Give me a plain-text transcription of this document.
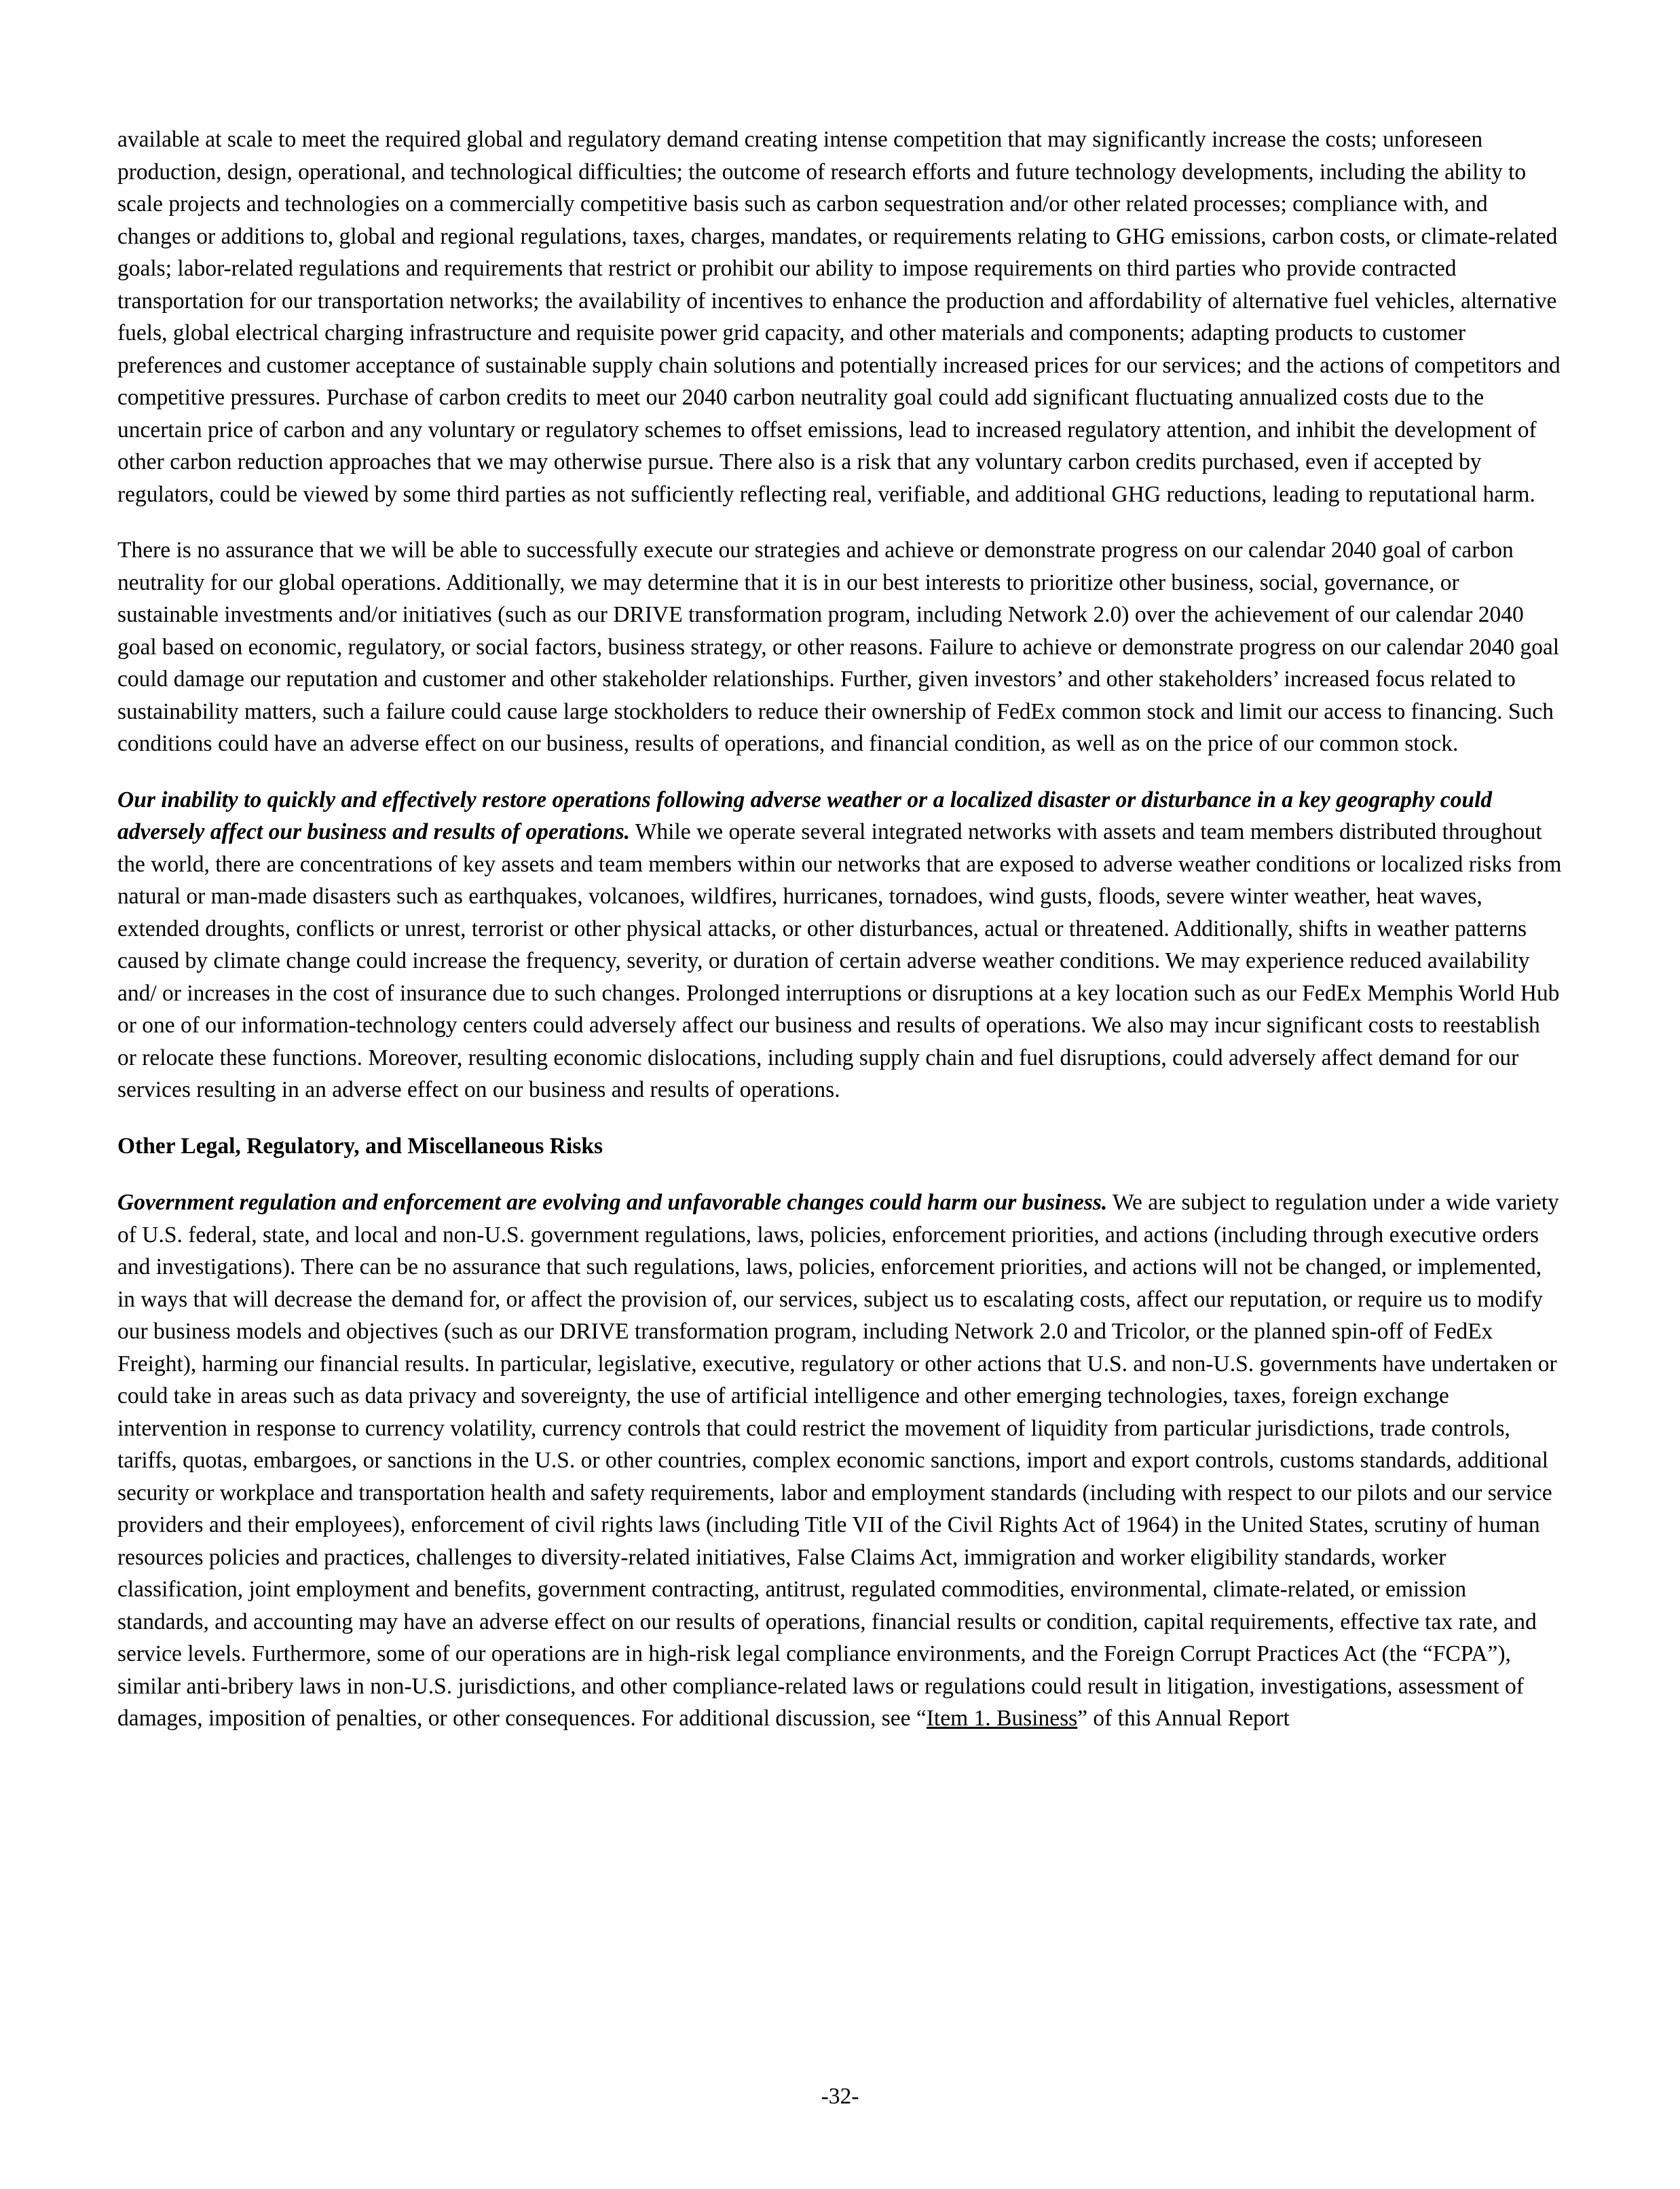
available at scale to meet the required global and regulatory demand creating intense competition that may significantly increase the costs; unforeseen production, design, operational, and technological difficulties; the outcome of research efforts and future technology developments, including the ability to scale projects and technologies on a commercially competitive basis such as carbon sequestration and/or other related processes; compliance with, and changes or additions to, global and regional regulations, taxes, charges, mandates, or requirements relating to GHG emissions, carbon costs, or climate-related goals; labor-related regulations and requirements that restrict or prohibit our ability to impose requirements on third parties who provide contracted transportation for our transportation networks; the availability of incentives to enhance the production and affordability of alternative fuel vehicles, alternative fuels, global electrical charging infrastructure and requisite power grid capacity, and other materials and components; adapting products to customer preferences and customer acceptance of sustainable supply chain solutions and potentially increased prices for our services; and the actions of competitors and competitive pressures. Purchase of carbon credits to meet our 2040 carbon neutrality goal could add significant fluctuating annualized costs due to the uncertain price of carbon and any voluntary or regulatory schemes to offset emissions, lead to increased regulatory attention, and inhibit the development of other carbon reduction approaches that we may otherwise pursue. There also is a risk that any voluntary carbon credits purchased, even if accepted by regulators, could be viewed by some third parties as not sufficiently reflecting real, verifiable, and additional GHG reductions, leading to reputational harm.

There is no assurance that we will be able to successfully execute our strategies and achieve or demonstrate progress on our calendar 2040 goal of carbon neutrality for our global operations. Additionally, we may determine that it is in our best interests to prioritize other business, social, governance, or sustainable investments and/or initiatives (such as our DRIVE transformation program, including Network 2.0) over the achievement of our calendar 2040 goal based on economic, regulatory, or social factors, business strategy, or other reasons. Failure to achieve or demonstrate progress on our calendar 2040 goal could damage our reputation and customer and other stakeholder relationships. Further, given investors’ and other stakeholders’ increased focus related to sustainability matters, such a failure could cause large stockholders to reduce their ownership of FedEx common stock and limit our access to financing. Such conditions could have an adverse effect on our business, results of operations, and financial condition, as well as on the price of our common stock.

Our inability to quickly and effectively restore operations following adverse weather or a localized disaster or disturbance in a key geography could adversely affect our business and results of operations. While we operate several integrated networks with assets and team members distributed throughout the world, there are concentrations of key assets and team members within our networks that are exposed to adverse weather conditions or localized risks from natural or man-made disasters such as earthquakes, volcanoes, wildfires, hurricanes, tornadoes, wind gusts, floods, severe winter weather, heat waves, extended droughts, conflicts or unrest, terrorist or other physical attacks, or other disturbances, actual or threatened. Additionally, shifts in weather patterns caused by climate change could increase the frequency, severity, or duration of certain adverse weather conditions. We may experience reduced availability and/ or increases in the cost of insurance due to such changes. Prolonged interruptions or disruptions at a key location such as our FedEx Memphis World Hub or one of our information-technology centers could adversely affect our business and results of operations. We also may incur significant costs to reestablish or relocate these functions. Moreover, resulting economic dislocations, including supply chain and fuel disruptions, could adversely affect demand for our services resulting in an adverse effect on our business and results of operations.

Other Legal, Regulatory, and Miscellaneous Risks

Government regulation and enforcement are evolving and unfavorable changes could harm our business. We are subject to regulation under a wide variety of U.S. federal, state, and local and non-U.S. government regulations, laws, policies, enforcement priorities, and actions (including through executive orders and investigations). There can be no assurance that such regulations, laws, policies, enforcement priorities, and actions will not be changed, or implemented, in ways that will decrease the demand for, or affect the provision of, our services, subject us to escalating costs, affect our reputation, or require us to modify our business models and objectives (such as our DRIVE transformation program, including Network 2.0 and Tricolor, or the planned spin-off of FedEx Freight), harming our financial results. In particular, legislative, executive, regulatory or other actions that U.S. and non-U.S. governments have undertaken or could take in areas such as data privacy and sovereignty, the use of artificial intelligence and other emerging technologies, taxes, foreign exchange intervention in response to currency volatility, currency controls that could restrict the movement of liquidity from particular jurisdictions, trade controls, tariffs, quotas, embargoes, or sanctions in the U.S. or other countries, complex economic sanctions, import and export controls, customs standards, additional security or workplace and transportation health and safety requirements, labor and employment standards (including with respect to our pilots and our service providers and their employees), enforcement of civil rights laws (including Title VII of the Civil Rights Act of 1964) in the United States, scrutiny of human resources policies and practices, challenges to diversity-related initiatives, False Claims Act, immigration and worker eligibility standards, worker classification, joint employment and benefits, government contracting, antitrust, regulated commodities, environmental, climate-related, or emission standards, and accounting may have an adverse effect on our results of operations, financial results or condition, capital requirements, effective tax rate, and service levels. Furthermore, some of our operations are in high-risk legal compliance environments, and the Foreign Corrupt Practices Act (the “FCPA”), similar anti-bribery laws in non-U.S. jurisdictions, and other compliance-related laws or regulations could result in litigation, investigations, assessment of damages, imposition of penalties, or other consequences. For additional discussion, see “Item 1. Business” of this Annual Report

-32-
